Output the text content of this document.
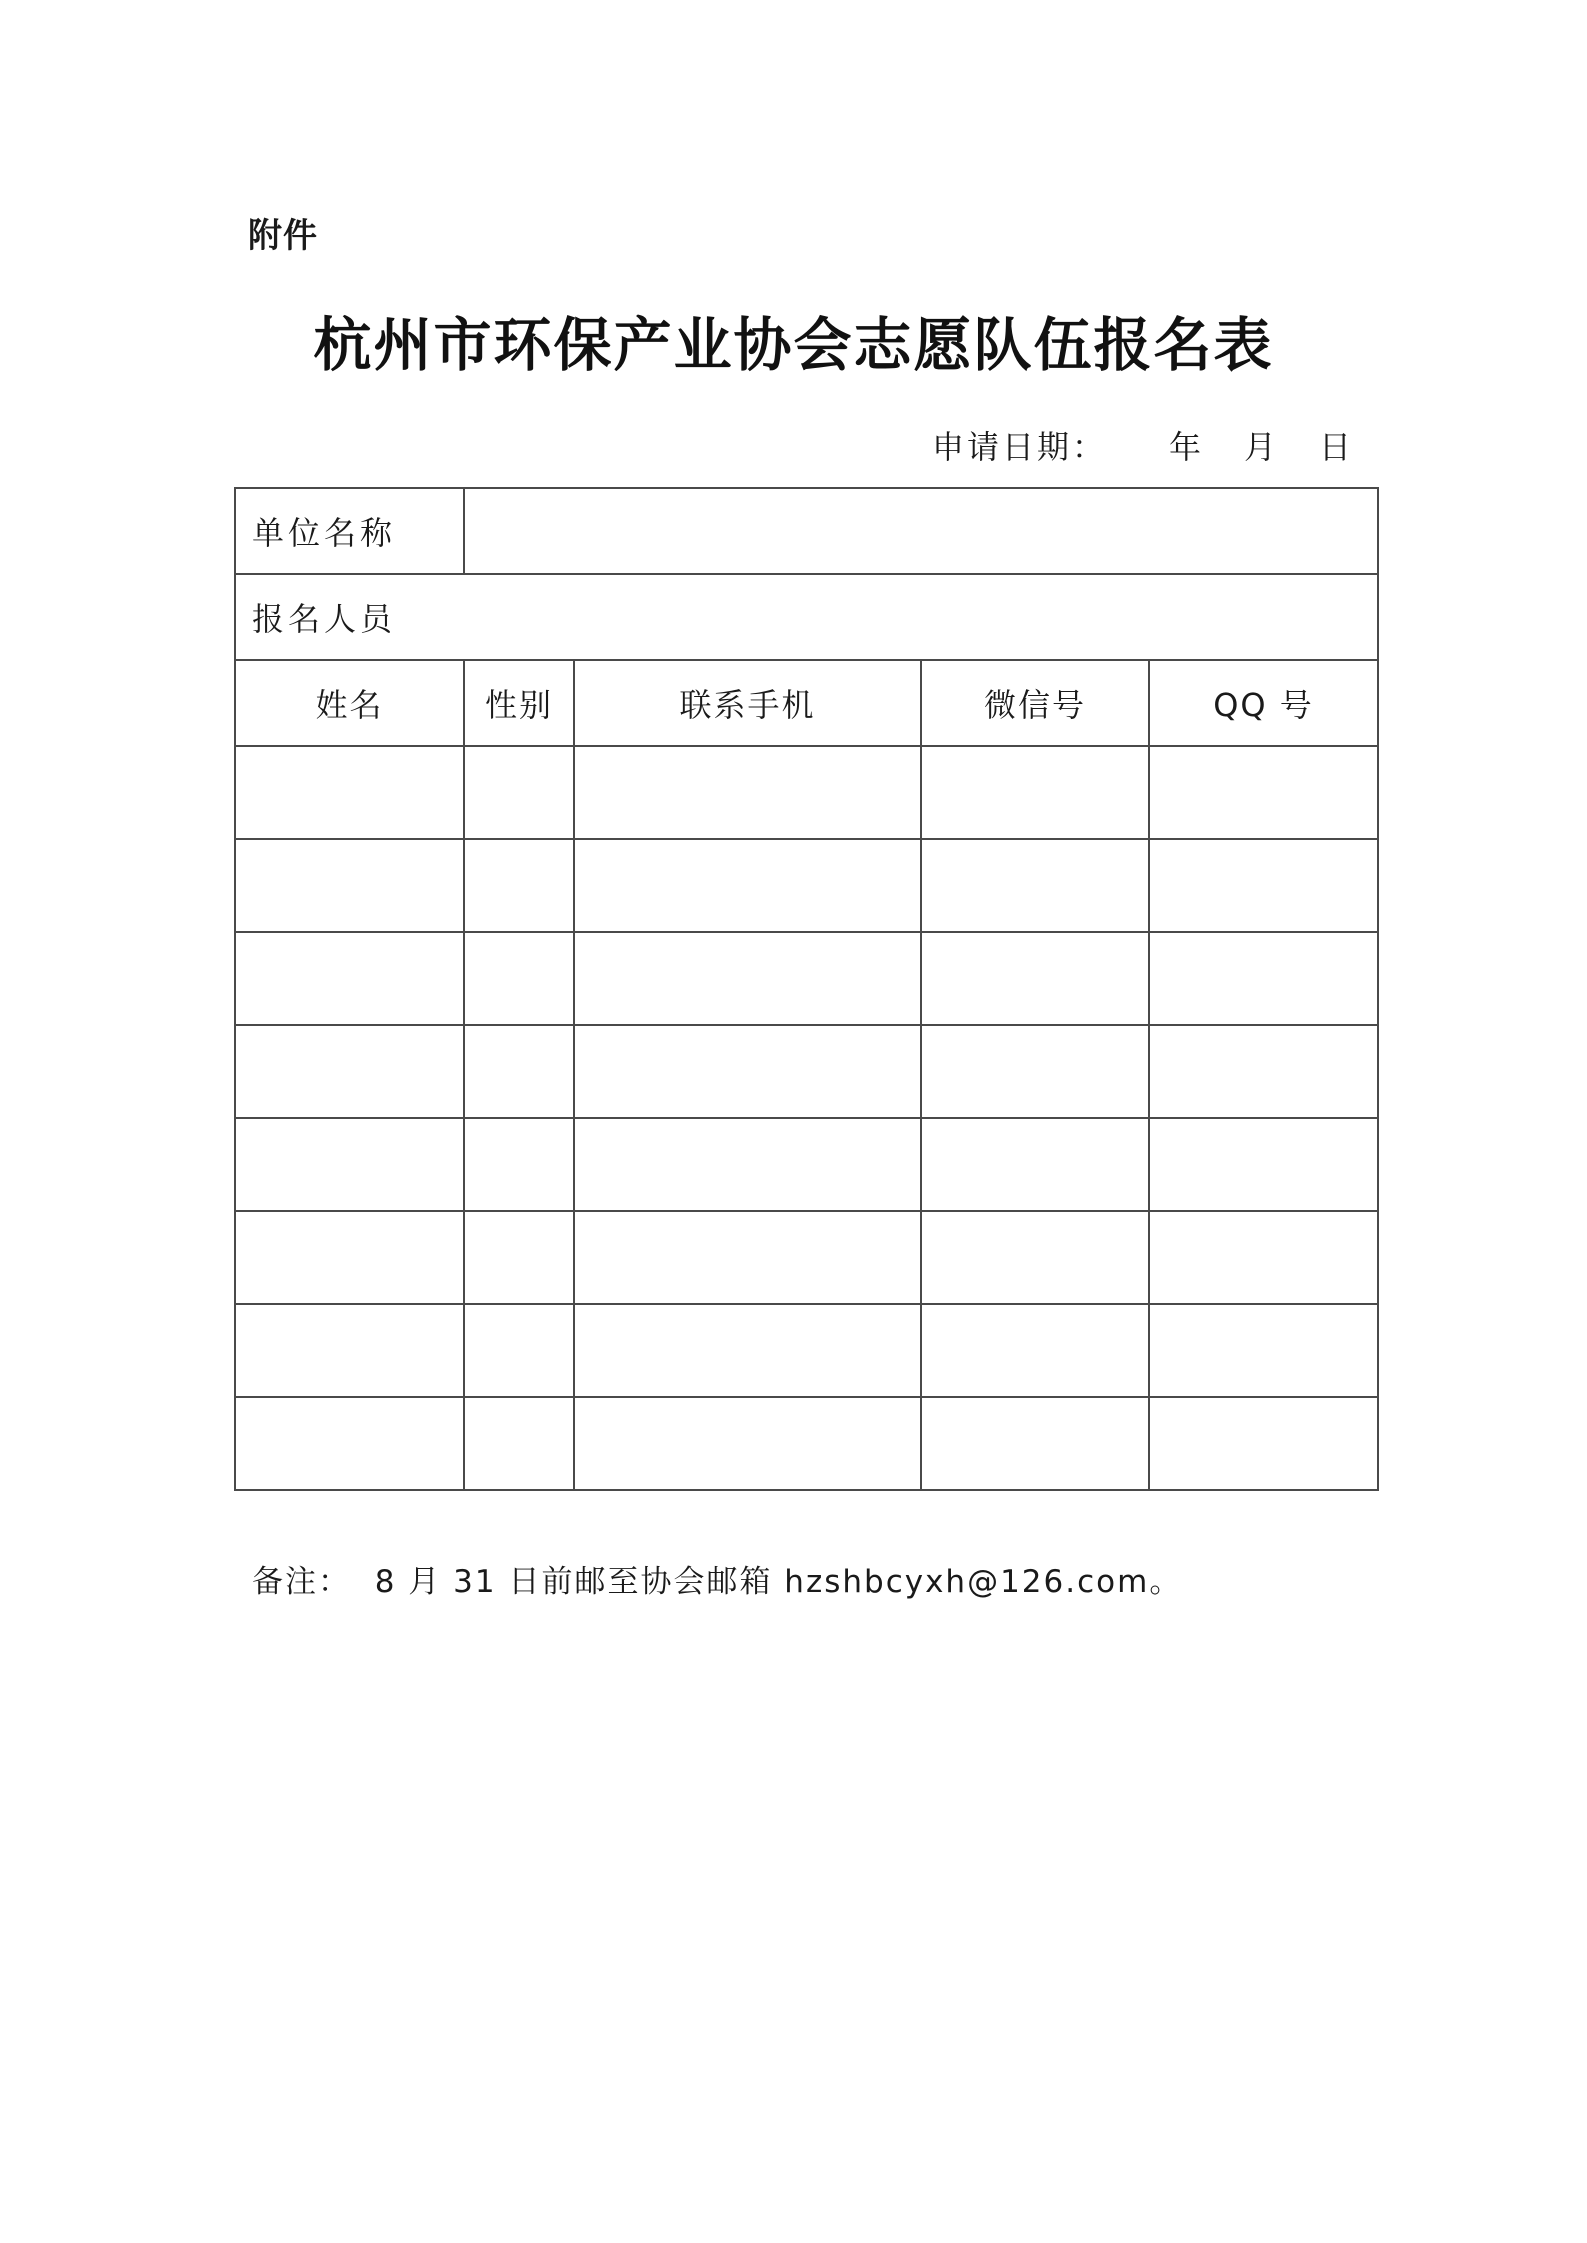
附件
杭州市环保产业协会志愿队伍报名表
申请日期： 年 月 日
单位名称				
报名人员				
姓名	性别	联系手机	微信号	QQ 号

备注： 8 月 31 日前邮至协会邮箱 hzshbcyxh@126.com。
